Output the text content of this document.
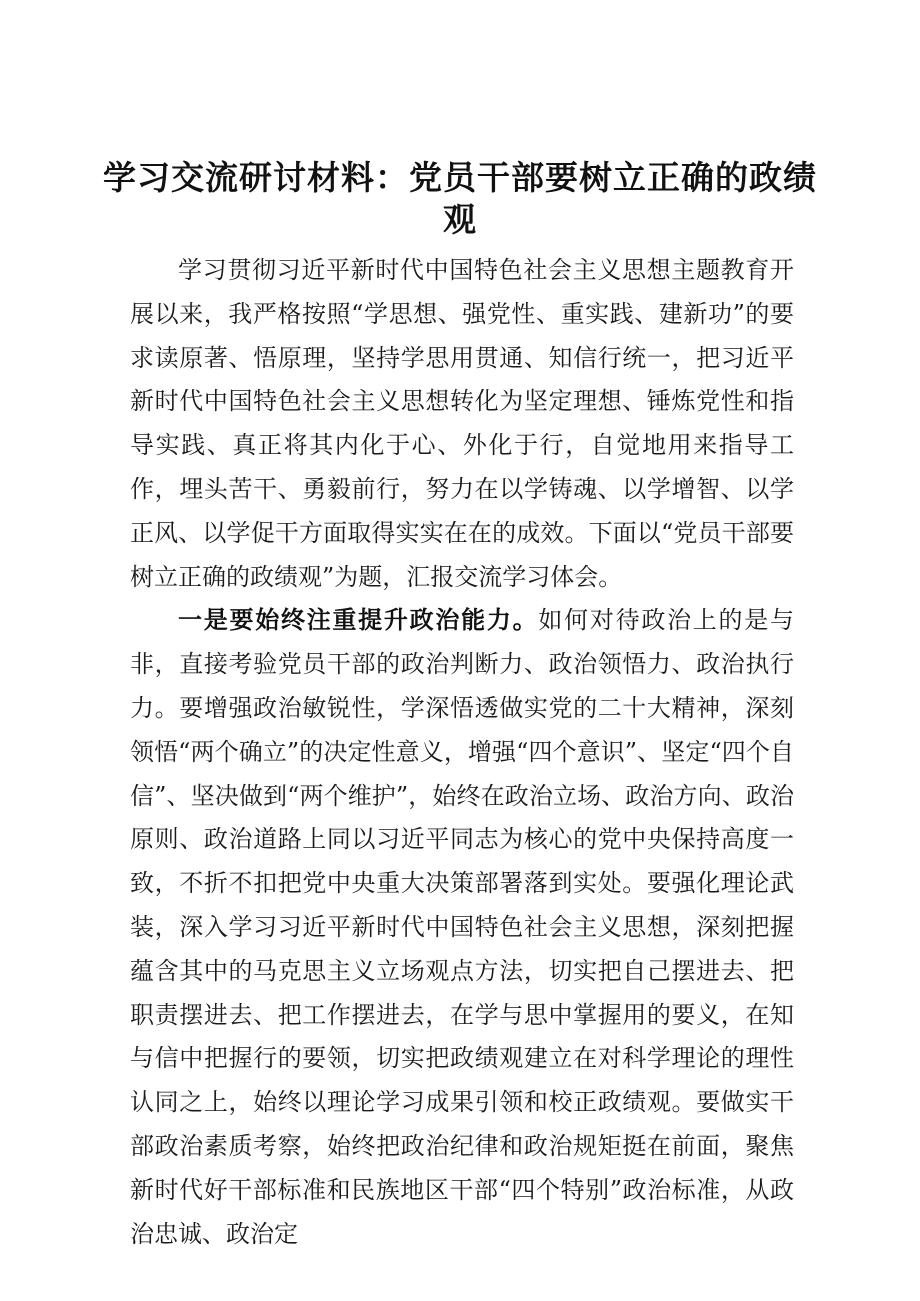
学习交流研讨材料：党员干部要树立正确的政绩观

学习贯彻习近平新时代中国特色社会主义思想主题教育开展以来，我严格按照“学思想、强党性、重实践、建新功”的要求读原著、悟原理，坚持学思用贯通、知信行统一，把习近平新时代中国特色社会主义思想转化为坚定理想、锤炼党性和指导实践、真正将其内化于心、外化于行，自觉地用来指导工作，埋头苦干、勇毅前行，努力在以学铸魂、以学增智、以学正风、以学促干方面取得实实在在的成效。下面以“党员干部要树立正确的政绩观”为题，汇报交流学习体会。

一是要始终注重提升政治能力。如何对待政治上的是与非，直接考验党员干部的政治判断力、政治领悟力、政治执行力。要增强政治敏锐性，学深悟透做实党的二十大精神，深刻领悟“两个确立”的决定性意义，增强“四个意识”、坚定“四个自信”、坚决做到“两个维护”，始终在政治立场、政治方向、政治原则、政治道路上同以习近平同志为核心的党中央保持高度一致，不折不扣把党中央重大决策部署落到实处。要强化理论武装，深入学习习近平新时代中国特色社会主义思想，深刻把握蕴含其中的马克思主义立场观点方法，切实把自己摆进去、把职责摆进去、把工作摆进去，在学与思中掌握用的要义，在知与信中把握行的要领，切实把政绩观建立在对科学理论的理性认同之上，始终以理论学习成果引领和校正政绩观。要做实干部政治素质考察，始终把政治纪律和政治规矩挺在前面，聚焦新时代好干部标准和民族地区干部“四个特别”政治标准，从政治忠诚、政治定
